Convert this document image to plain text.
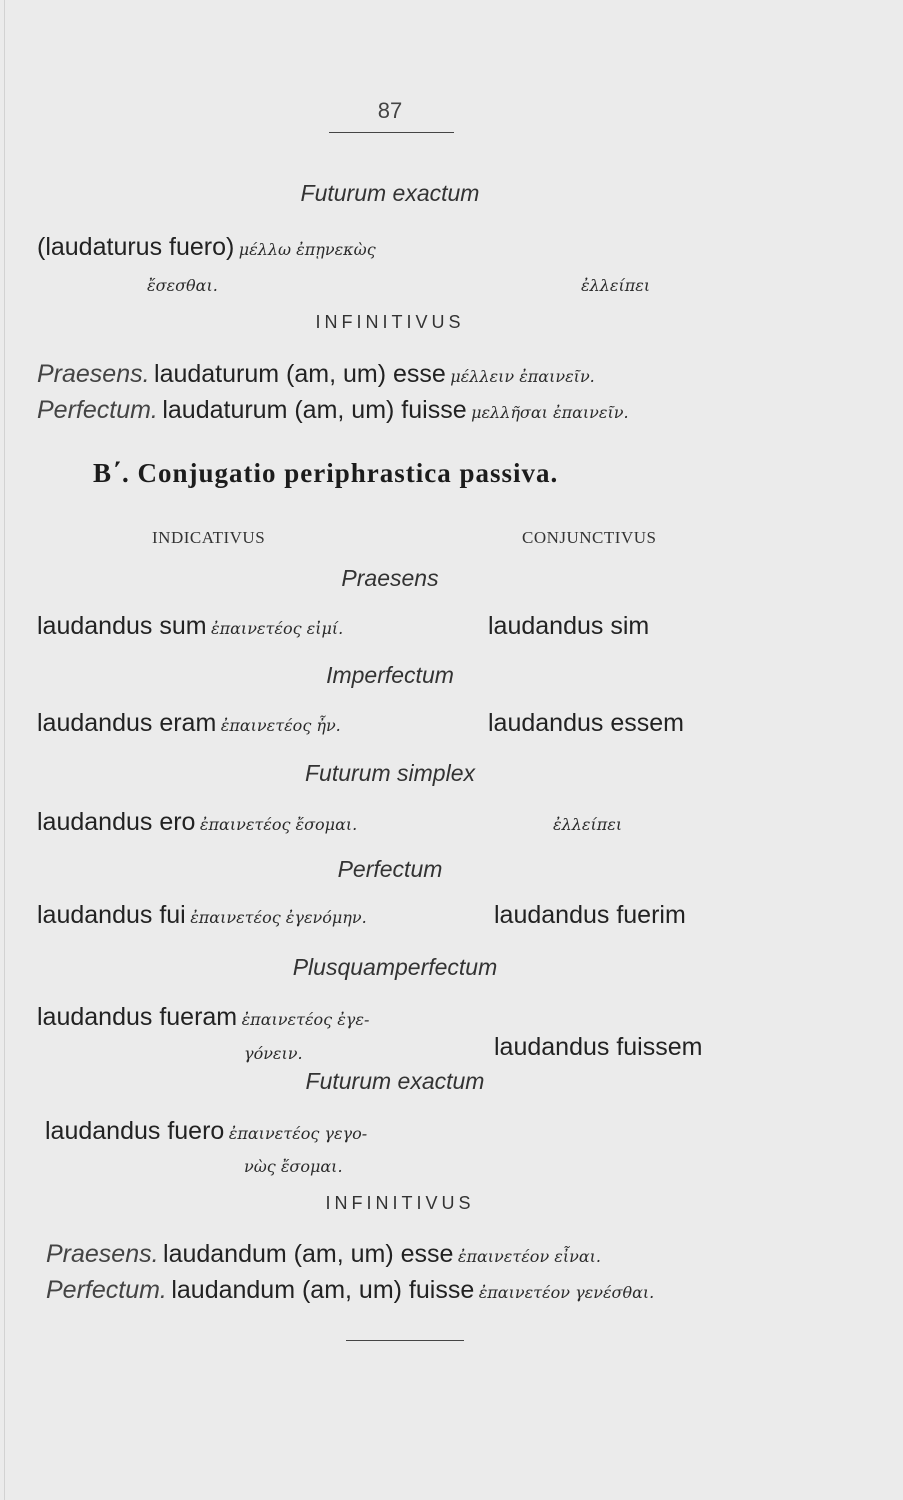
87
Futurum exactum
(laudaturus fuero) μέλλω ἐπῃνεκὼς
ἔσεσθαι.	ἐλλείπει
INFINITIVUS
Praesens. laudaturum (am, um) esse μέλλειν ἐπαινεῖν.
Perfectum. laudaturum (am, um) fuisse μελλῆσαι ἐπαινεῖν.
B΄. Conjugatio periphrastica passiva.
INDICATIVUS	CONJUNCTIVUS
Praesens
laudandus sum ἐπαινετέος εἰμί.	laudandus sim
Imperfectum
laudandus eram ἐπαινετέος ἦν.	laudandus essem
Futurum simplex
laudandus ero ἐπαινετέος ἔσομαι.	ἐλλείπει
Perfectum
laudandus fui ἐπαινετέος ἐγενόμην.	laudandus fuerim
Plusquamperfectum
laudandus fueram ἐπαινετέος ἐγε-
γόνειν.	laudandus fuissem
Futurum exactum
laudandus fuero ἐπαινετέος γεγο-
νὼς ἔσομαι.
INFINITIVUS
Praesens. laudandum (am, um) esse ἐπαινετέον εἶναι.
Perfectum. laudandum (am, um) fuisse ἐπαινετέον γενέσθαι.
